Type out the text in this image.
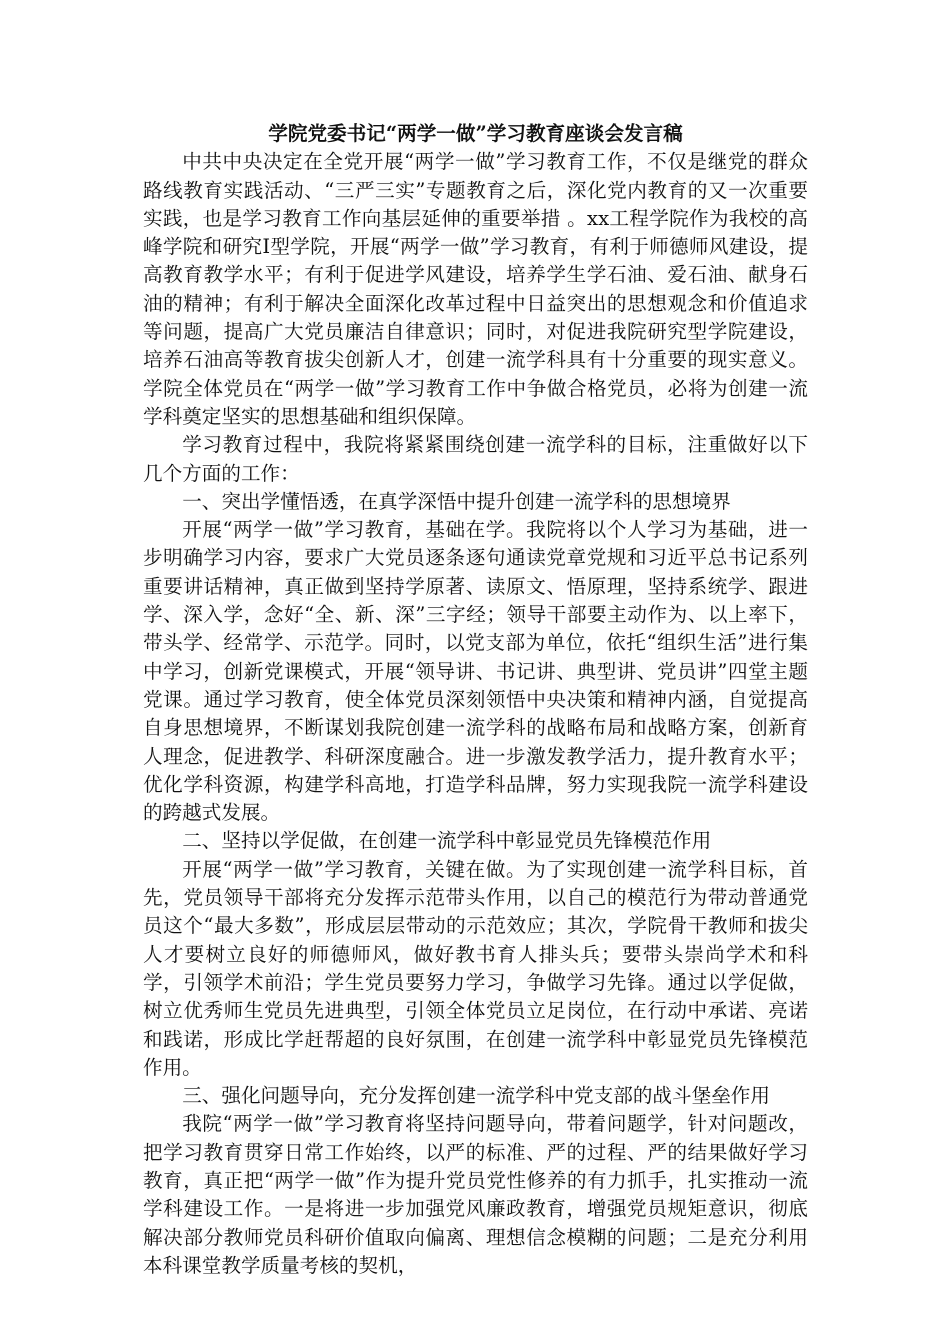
学院党委书记“两学一做”学习教育座谈会发言稿

中共中央决定在全党开展“两学一做”学习教育工作，不仅是继党的群众路线教育实践活动、“三严三实”专题教育之后，深化党内教育的又一次重要实践，也是学习教育工作向基层延伸的重要举措 。xx工程学院作为我校的高峰学院和研究I型学院，开展“两学一做”学习教育，有利于师德师风建设，提高教育教学水平；有利于促进学风建设，培养学生学石油、爱石油、献身石油的精神；有利于解决全面深化改革过程中日益突出的思想观念和价值追求等问题，提高广大党员廉洁自律意识；同时，对促进我院研究型学院建设，培养石油高等教育拔尖创新人才，创建一流学科具有十分重要的现实意义。学院全体党员在“两学一做”学习教育工作中争做合格党员，必将为创建一流学科奠定坚实的思想基础和组织保障。

学习教育过程中，我院将紧紧围绕创建一流学科的目标，注重做好以下几个方面的工作：

一、突出学懂悟透，在真学深悟中提升创建一流学科的思想境界

开展“两学一做”学习教育，基础在学。我院将以个人学习为基础，进一步明确学习内容，要求广大党员逐条逐句通读党章党规和习近平总书记系列重要讲话精神，真正做到坚持学原著、读原文、悟原理，坚持系统学、跟进学、深入学，念好“全、新、深”三字经；领导干部要主动作为、以上率下，带头学、经常学、示范学。同时，以党支部为单位，依托“组织生活”进行集中学习，创新党课模式，开展“领导讲、书记讲、典型讲、党员讲”四堂主题党课。通过学习教育，使全体党员深刻领悟中央决策和精神内涵，自觉提高自身思想境界，不断谋划我院创建一流学科的战略布局和战略方案，创新育人理念，促进教学、科研深度融合。进一步激发教学活力，提升教育水平；优化学科资源，构建学科高地，打造学科品牌，努力实现我院一流学科建设的跨越式发展。

二、坚持以学促做，在创建一流学科中彰显党员先锋模范作用

开展“两学一做”学习教育，关键在做。为了实现创建一流学科目标，首先，党员领导干部将充分发挥示范带头作用，以自己的模范行为带动普通党员这个“最大多数”，形成层层带动的示范效应；其次，学院骨干教师和拔尖人才要树立良好的师德师风，做好教书育人排头兵；要带头崇尚学术和科学，引领学术前沿；学生党员要努力学习，争做学习先锋。通过以学促做，树立优秀师生党员先进典型，引领全体党员立足岗位，在行动中承诺、亮诺和践诺，形成比学赶帮超的良好氛围，在创建一流学科中彰显党员先锋模范作用。

三、强化问题导向，充分发挥创建一流学科中党支部的战斗堡垒作用

我院“两学一做”学习教育将坚持问题导向，带着问题学，针对问题改，把学习教育贯穿日常工作始终，以严的标准、严的过程、严的结果做好学习教育，真正把“两学一做”作为提升党员党性修养的有力抓手，扎实推动一流学科建设工作。一是将进一步加强党风廉政教育，增强党员规矩意识，彻底解决部分教师党员科研价值取向偏离、理想信念模糊的问题；二是充分利用本科课堂教学质量考核的契机，
